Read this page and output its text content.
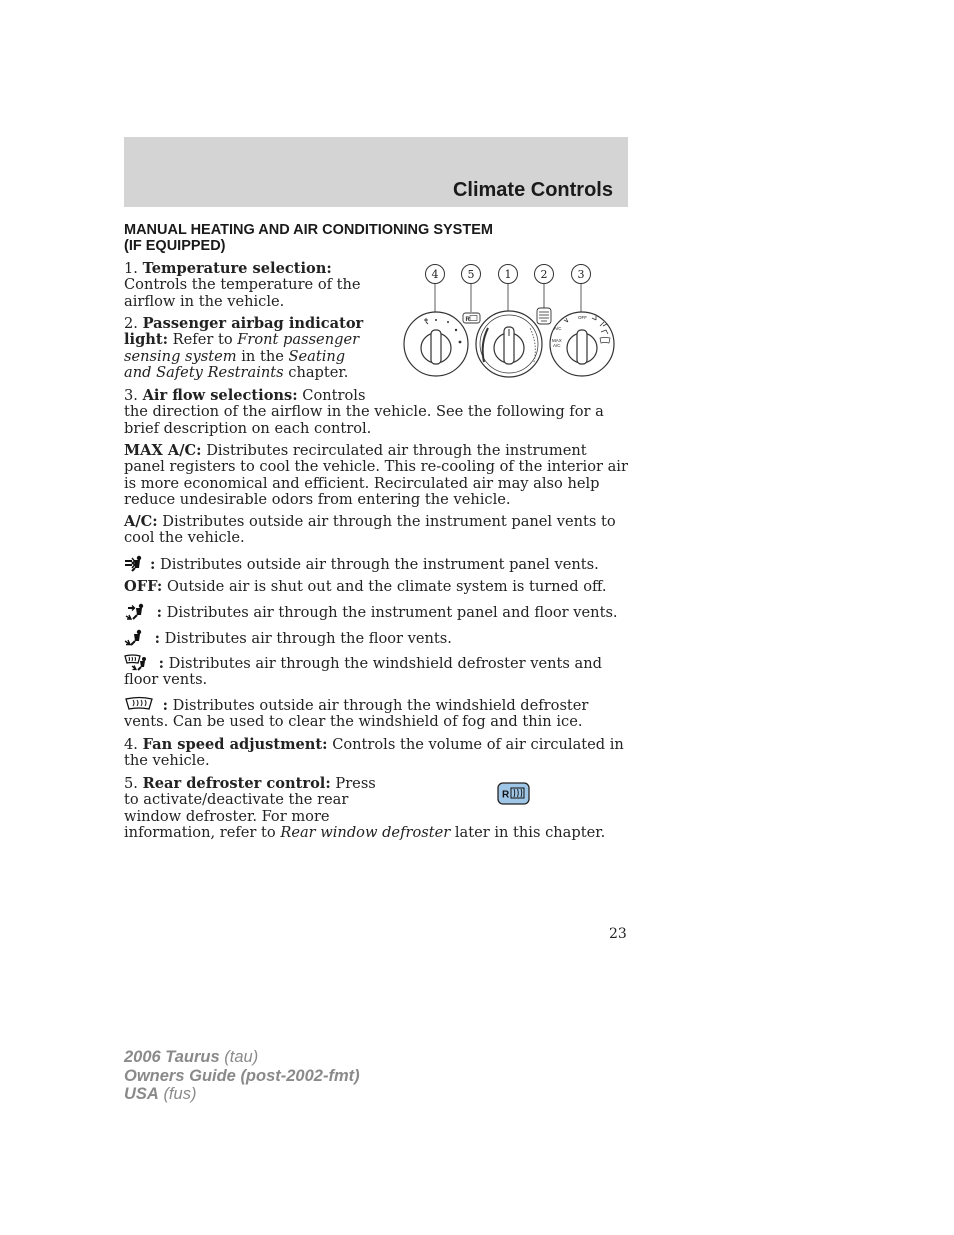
Climate Controls
MANUAL HEATING AND AIR CONDITIONING SYSTEM
(IF EQUIPPED)
1. Temperature selection: Controls the temperature of the airflow in the vehicle.
2. Passenger airbag indicator light: Refer to Front passenger sensing system in the Seating and Safety Restraints chapter.
3. Air flow selections: Controls
the direction of the airflow in the vehicle. See the following for a brief description on each control.
MAX A/C: Distributes recirculated air through the instrument panel registers to cool the vehicle. This re-cooling of the interior air is more economical and efficient. Recirculated air may also help reduce undesirable odors from entering the vehicle.
A/C: Distributes outside air through the instrument panel vents to cool the vehicle.
: Distributes outside air through the instrument panel vents.
OFF: Outside air is shut out and the climate system is turned off.
: Distributes air through the instrument panel and floor vents.
: Distributes air through the floor vents.
: Distributes air through the windshield defroster vents and floor vents.
: Distributes outside air through the windshield defroster vents. Can be used to clear the windshield of fog and thin ice.
4. Fan speed adjustment: Controls the volume of air circulated in the vehicle.
5. Rear defroster control: Press
to activate/deactivate the rear
window defroster. For more
information, refer to Rear window defroster later in this chapter.
R
4	5	1	2	3
R	OFF
A/C
MAX
A/C
23
2006 Taurus (tau)
Owners Guide (post-2002-fmt)
USA (fus)
